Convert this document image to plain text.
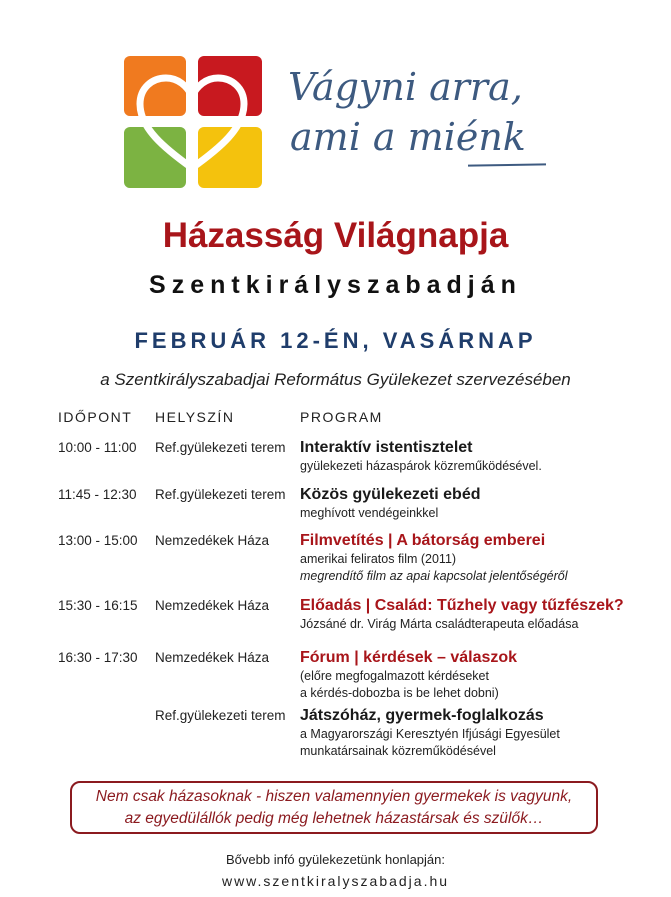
Vágyni arra,
ami a miénk
Házasság Világnapja
Szentkirályszabadján
FEBRUÁR 12-ÉN, VASÁRNAP
a Szentkirályszabadjai Református Gyülekezet szervezésében
IDŐPONT HELYSZÍN	PROGRAM
10:00 - 11:00 Ref.gyülekezeti terem Interaktív istentisztelet
gyülekezeti házaspárok közreműködésével.
11:45 - 12:30 Ref.gyülekezeti terem Közös gyülekezeti ebéd
meghívott vendégeinkkel
13:00 - 15:00 Nemzedékek Háza Filmvetítés | A bátorság emberei
amerikai feliratos film (2011)
megrendítő film az apai kapcsolat jelentőségéről
15:30 - 16:15 Nemzedékek Háza Előadás | Család: Tűzhely vagy tűzfészek?
Józsáné dr. Virág Márta családterapeuta előadása
16:30 - 17:30 Nemzedékek Háza Fórum | kérdések – válaszok
(előre megfogalmazott kérdéseket
a kérdés-dobozba is be lehet dobni)
Ref.gyülekezeti terem Játszóház, gyermek-foglalkozás
a Magyarországi Keresztyén Ifjúsági Egyesület
munkatársainak közreműködésével
Nem csak házasoknak - hiszen valamennyien gyermekek is vagyunk,
az egyedülállók pedig még lehetnek házastársak és szülők…
Bővebb infó gyülekezetünk honlapján:
www.szentkiralyszabadja.hu
